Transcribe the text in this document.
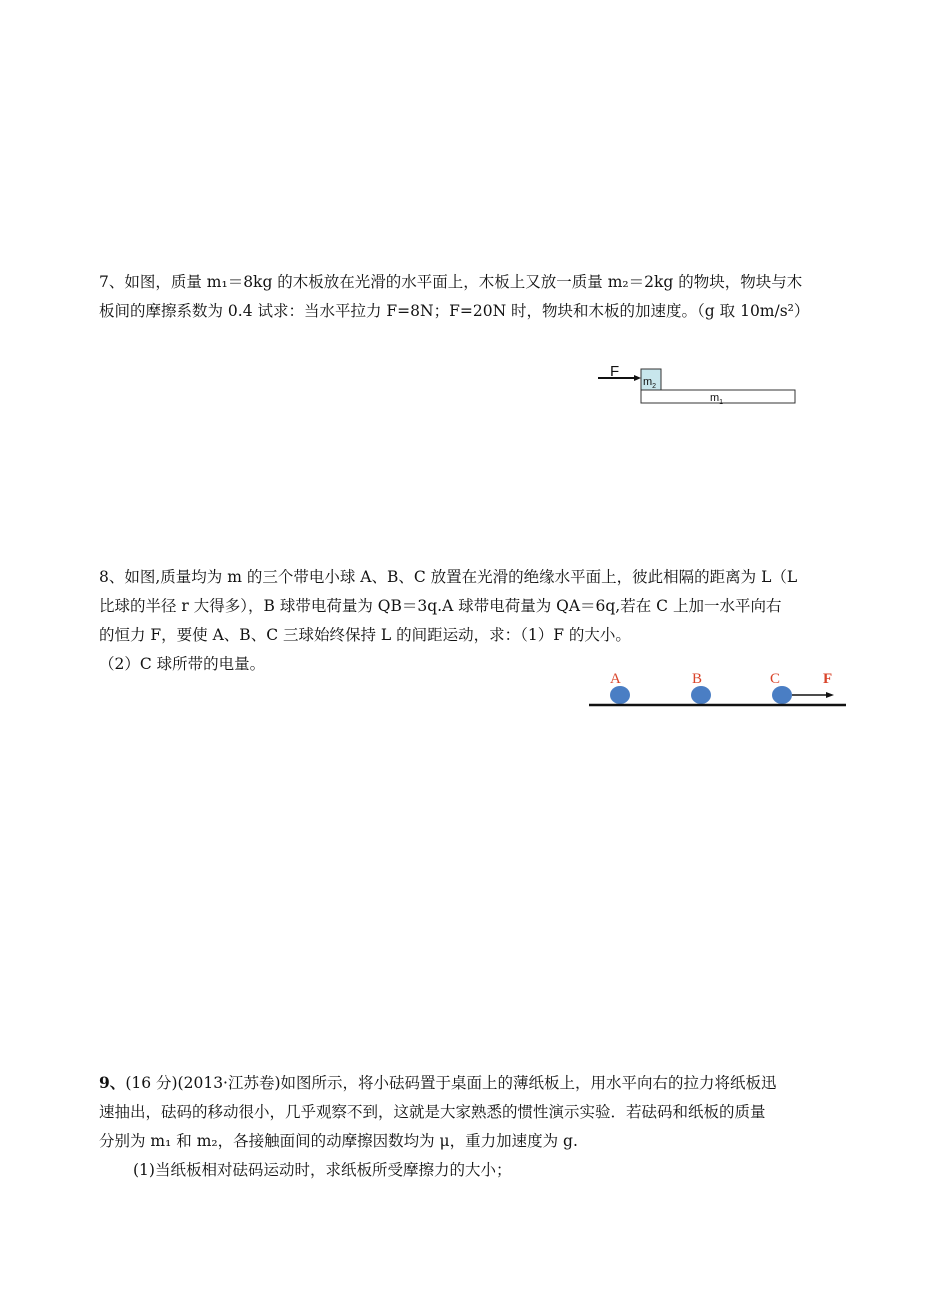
7、如图，质量 m₁＝8kg 的木板放在光滑的水平面上，木板上又放一质量 m₂＝2kg 的物块，物块与木
板间的摩擦系数为 0.4 试求：当水平拉力 F=8N；F=20N 时，物块和木板的加速度。（g 取 10m/s²）
F
$m_2$
$m_1$
8、如图,质量均为 m 的三个带电小球 A、B、C 放置在光滑的绝缘水平面上，彼此相隔的距离为 L（L
比球的半径 r 大得多），B 球带电荷量为 QB＝3q.A 球带电荷量为 QA＝6q,若在 C 上加一水平向右
的恒力 F，要使 A、B、C 三球始终保持 L 的间距运动，求：（1）F 的大小。
（2）C 球所带的电量。
A	B	C	F
9、(16 分)(2013·江苏卷)如图所示，将小砝码置于桌面上的薄纸板上，用水平向右的拉力将纸板迅
速抽出，砝码的移动很小，几乎观察不到，这就是大家熟悉的惯性演示实验．若砝码和纸板的质量
分别为 m₁ 和 m₂，各接触面间的动摩擦因数均为 μ，重力加速度为 g.
(1)当纸板相对砝码运动时，求纸板所受摩擦力的大小；
